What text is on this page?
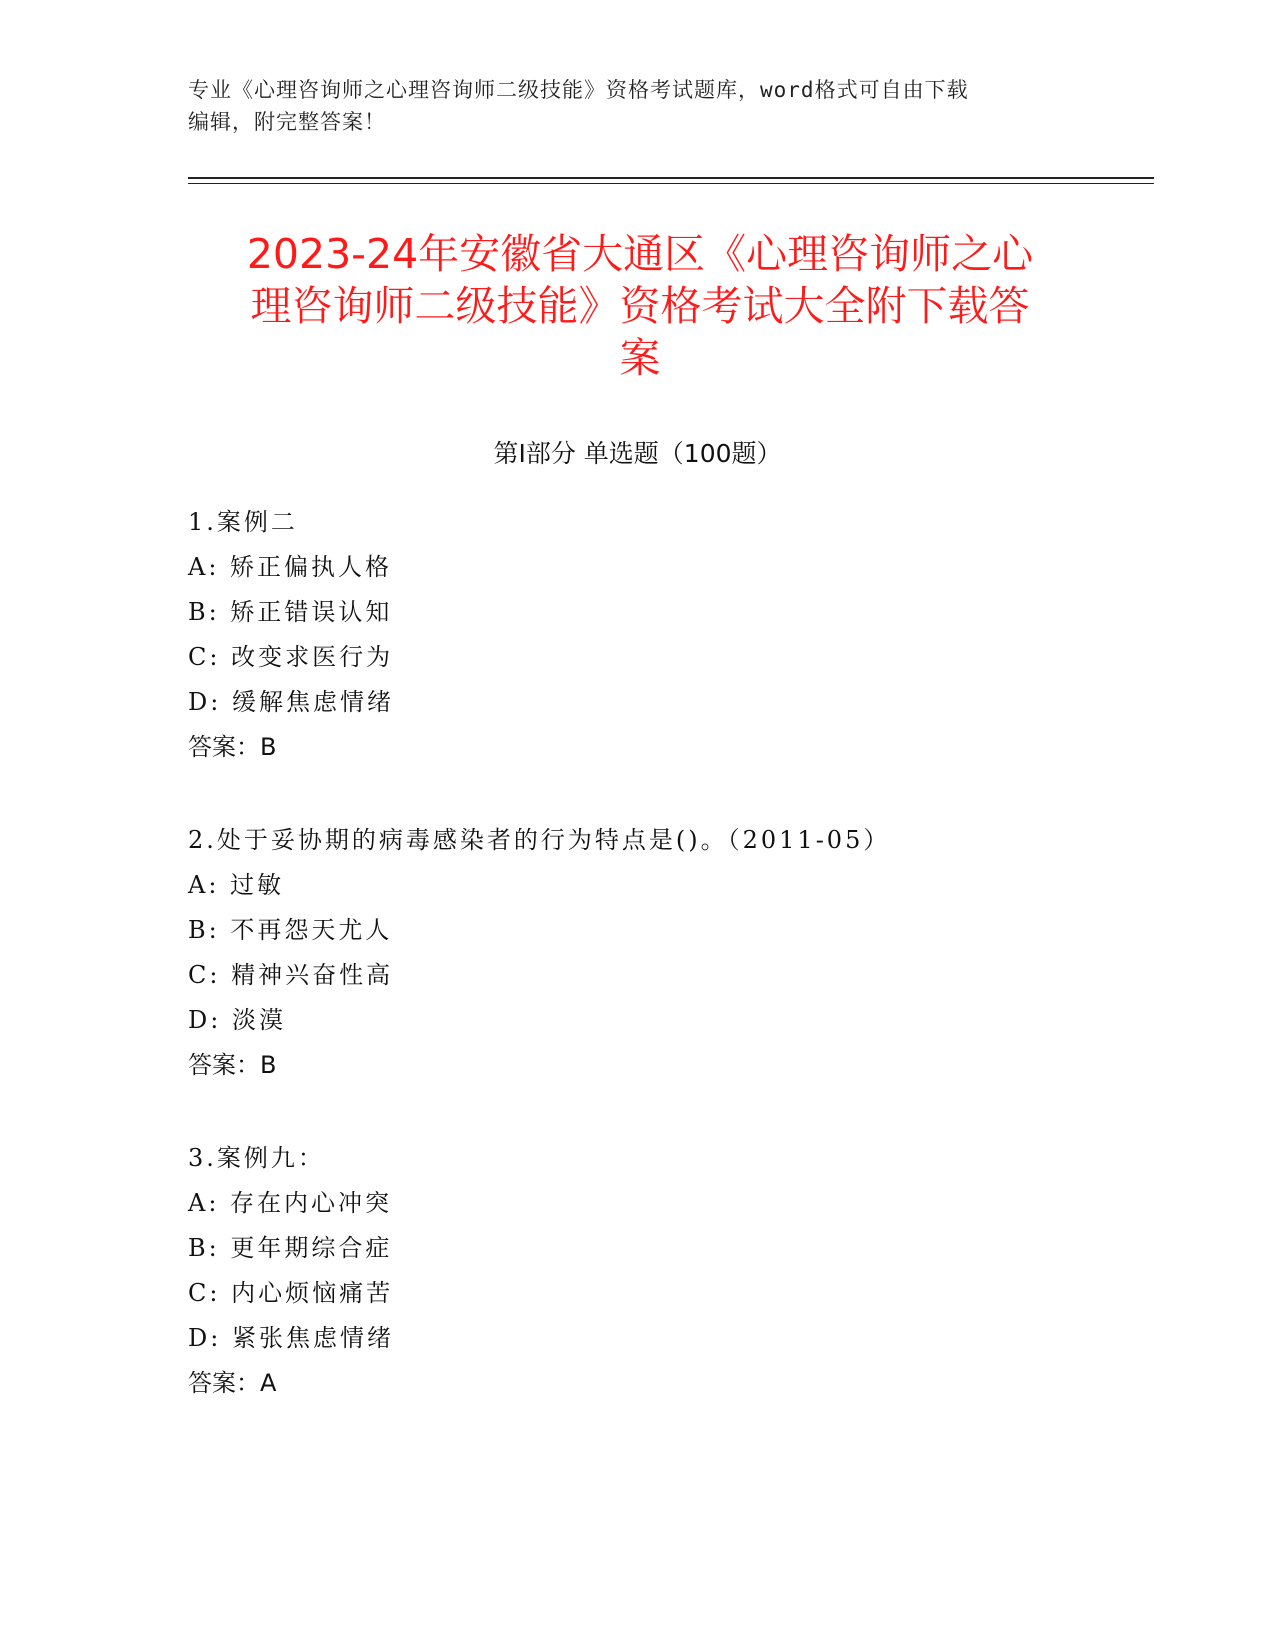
专业《心理咨询师之心理咨询师二级技能》资格考试题库，word格式可自由下载
编辑，附完整答案！
2023-24年安徽省大通区《心理咨询师之心
理咨询师二级技能》资格考试大全附下载答
案
第I部分 单选题（100题）
1.案例二
A: 矫正偏执人格
B: 矫正错误认知
C: 改变求医行为
D: 缓解焦虑情绪
答案：B
2.处于妥协期的病毒感染者的行为特点是()。（2011-05）
A: 过敏
B: 不再怨天尤人
C: 精神兴奋性高
D: 淡漠
答案：B
3.案例九：
A: 存在内心冲突
B: 更年期综合症
C: 内心烦恼痛苦
D: 紧张焦虑情绪
答案：A
